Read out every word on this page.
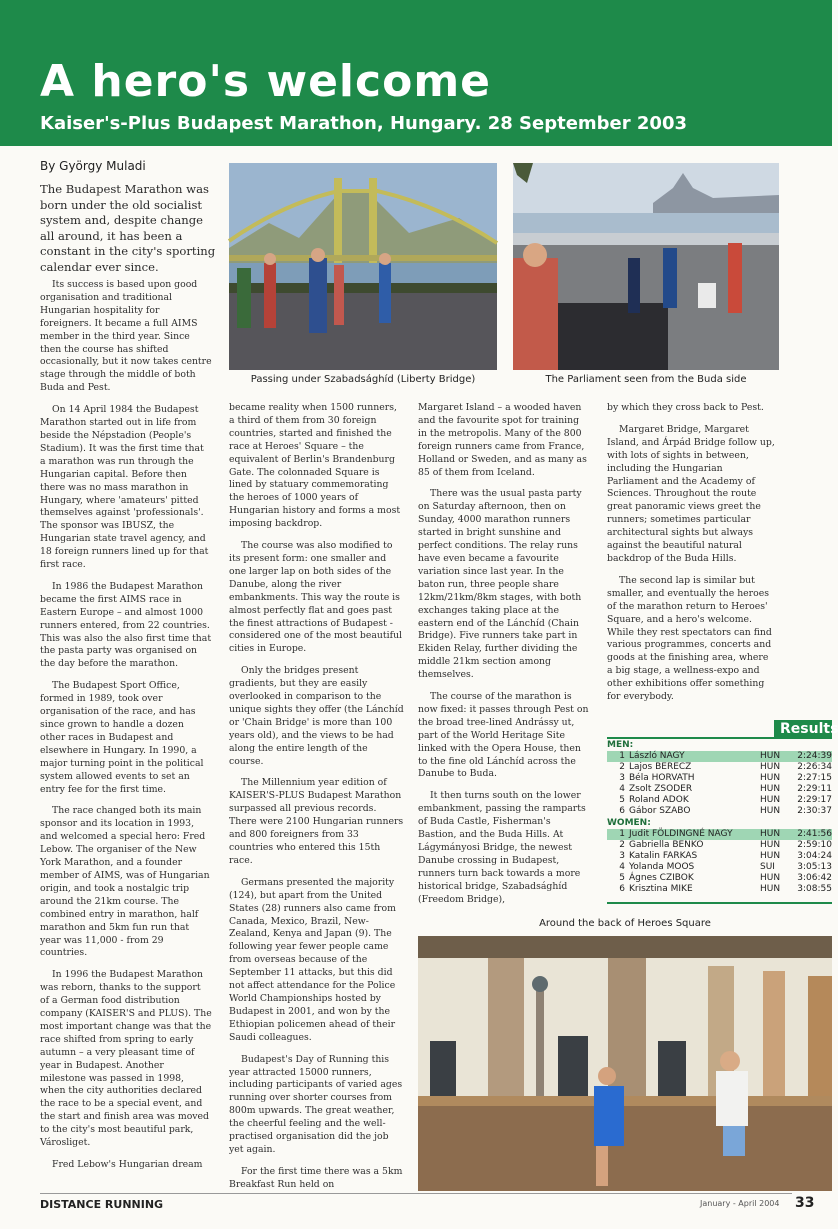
A hero's welcome
Kaiser's-Plus Budapest Marathon, Hungary. 28 September 2003
By György Muladi

The Budapest Marathon was born under the old socialist system and, despite change all around, it has been a constant in the city's sporting calendar ever since.

Passing under Szabadsághíd (Liberty Bridge)	The Parliament seen from the Buda side

Its success is based upon good organisation and traditional Hungarian hospitality for foreigners. It became a full AIMS member in the third year. Since then the course has shifted occasionally, but it now takes centre stage through the middle of both Buda and Pest.

On 14 April 1984 the Budapest Marathon started out in life from beside the Népstadion (People's Stadium). It was the first time that a marathon was run through the Hungarian capital. Before then there was no mass marathon in Hungary, where 'amateurs' pitted themselves against 'professionals'. The sponsor was IBUSZ, the Hungarian state travel agency, and 18 foreign runners lined up for that first race.

In 1986 the Budapest Marathon became the first AIMS race in Eastern Europe – and almost 1000 runners entered, from 22 countries. This was also the also first time that the pasta party was organised on the day before the marathon.

The Budapest Sport Office, formed in 1989, took over organisation of the race, and has since grown to handle a dozen other races in Budapest and elsewhere in Hungary. In 1990, a major turning point in the political system allowed events to set an entry fee for the first time.

The race changed both its main sponsor and its location in 1993, and welcomed a special hero: Fred Lebow. The organiser of the New York Marathon, and a founder member of AIMS, was of Hungarian origin, and took a nostalgic trip around the 21km course. The combined entry in marathon, half marathon and 5km fun run that year was 11,000 - from 29 countries.

In 1996 the Budapest Marathon was reborn, thanks to the support of a German food distribution company (KAISER'S and PLUS). The most important change was that the race shifted from spring to early autumn – a very pleasant time of year in Budapest. Another milestone was passed in 1998, when the city authorities declared the race to be a special event, and the start and finish area was moved to the city's most beautiful park, Városliget.

Fred Lebow's Hungarian dream

became reality when 1500 runners, a third of them from 30 foreign countries, started and finished the race at Heroes' Square – the equivalent of Berlin's Brandenburg Gate. The colonnaded Square is lined by statuary commemorating the heroes of 1000 years of Hungarian history and forms a most imposing backdrop.

The course was also modified to its present form: one smaller and one larger lap on both sides of the Danube, along the river embankments. This way the route is almost perfectly flat and goes past the finest attractions of Budapest - considered one of the most beautiful cities in Europe.

Only the bridges present gradients, but they are easily overlooked in comparison to the unique sights they offer (the Lánchíd or 'Chain Bridge' is more than 100 years old), and the views to be had along the entire length of the course.

The Millennium year edition of KAISER'S-PLUS Budapest Marathon surpassed all previous records. There were 2100 Hungarian runners and 800 foreigners from 33 countries who entered this 15th race.

Germans presented the majority (124), but apart from the United States (28) runners also came from Canada, Mexico, Brazil, New-Zealand, Kenya and Japan (9). The following year fewer people came from overseas because of the September 11 attacks, but this did not affect attendance for the Police World Championships hosted by Budapest in 2001, and won by the Ethiopian policemen ahead of their Saudi colleagues.

Budapest's Day of Running this year attracted 15000 runners, including participants of varied ages running over shorter courses from 800m upwards. The great weather, the cheerful feeling and the well-practised organisation did the job yet again.

For the first time there was a 5km Breakfast Run held on

Margaret Island – a wooded haven and the favourite spot for training in the metropolis. Many of the 800 foreign runners came from France, Holland or Sweden, and as many as 85 of them from Iceland.

There was the usual pasta party on Saturday afternoon, then on Sunday, 4000 marathon runners started in bright sunshine and perfect conditions. The relay runs have even became a favourite variation since last year. In the baton run, three people share 12km/21km/8km stages, with both exchanges taking place at the eastern end of the Lánchíd (Chain Bridge). Five runners take part in Ekiden Relay, further dividing the middle 21km section among themselves.

The course of the marathon is now fixed: it passes through Pest on the broad tree-lined Andrássy ut, part of the World Heritage Site linked with the Opera House, then to the fine old Lánchíd across the Danube to Buda.

It then turns south on the lower embankment, passing the ramparts of Buda Castle, Fisherman's Bastion, and the Buda Hills. At Lágymányosi Bridge, the newest Danube crossing in Budapest, runners turn back towards a more historical bridge, Szabadsághíd (Freedom Bridge),

by which they cross back to Pest.

Margaret Bridge, Margaret Island, and Árpád Bridge follow up, with lots of sights in between, including the Hungarian Parliament and the Academy of Sciences. Throughout the route great panoramic views greet the runners; sometimes particular architectural sights but always against the beautiful natural backdrop of the Buda Hills.

The second lap is similar but smaller, and eventually the heroes of the marathon return to Heroes' Square, and a hero's welcome. While they rest spectators can find various programmes, concerts and goods at the finishing area, where a big stage, a wellness-expo and other exhibitions offer something for everybody.

Results
MEN:
1 László NAGY	HUN	2:24:39
2 Lajos BERECZ	HUN	2:26:34
3 Béla HORVATH	HUN	2:27:15
4 Zsolt ZSODER	HUN	2:29:11
5 Roland ADOK	HUN	2:29:17
6 Gábor SZABO	HUN	2:30:37
WOMEN:
1 Judit FÖLDINGNÉ NAGY	HUN	2:41:56
2 Gabriella BENKO	HUN	2:59:10
3 Katalin FARKAS	HUN	3:04:24
4 Yolanda MOOS	SUI	3:05:13
5 Ágnes CZIBOK	HUN	3:06:42
6 Krisztina MIKE	HUN	3:08:55
Around the back of Heroes Square
DISTANCE RUNNING	January - April 2004 33
